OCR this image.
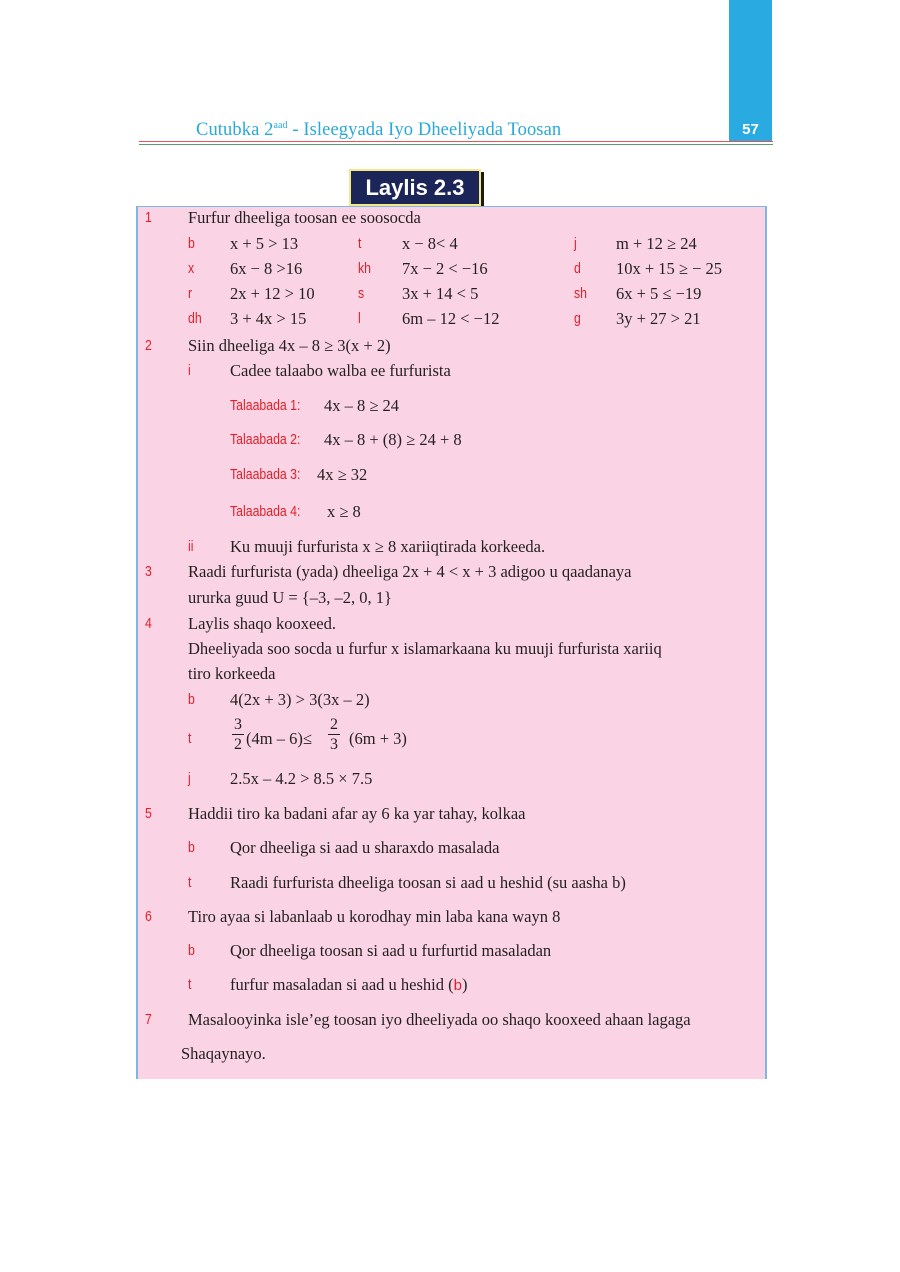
57
Cutubka $2^{aad}$ - Isleegyada Iyo Dheeliyada Toosan
Laylis 2.3
1 Furfur dheeliga toosan ee soosocda
b x + 5 > 13	t x − 8< 4	j m + 12 ≥ 24
x 6x − 8 >16	kh 7x − 2 < −16	d 10x + 15 ≥ − 25
r 2x + 12 > 10	s 3x + 14 < 5	sh 6x + 5 ≤ −19
dh 3 + 4x > 15	l	6m – 12 < −12	g 3y + 27 > 21
2 Siin dheeliga 4x – 8 ≥ 3(x + 2)
i Cadee talaabo walba ee furfurista
Talaabada 1: 4x – 8 ≥ 24
Talaabada 2: 4x – 8 + (8) ≥ 24 + 8
Talaabada 3: 4x ≥ 32
Talaabada 4: x ≥ 8
ii Ku muuji furfurista x ≥ 8 xariiqtirada korkeeda.
3 Raadi furfurista (yada) dheeliga 2x + 4 < x + 3 adigoo u qaadanaya
ururka guud U = {–3, –2, 0, 1}
4 Laylis shaqo kooxeed.
Dheeliyada soo socda u furfur x islamarkaana ku muuji furfurista xariiq
tiro korkeeda
b 4(2x + 3) > 3(3x – 2)
t
3
2 (4m – 6)≤
2
3 (6m + 3)
j 2.5x – 4.2 > 8.5 × 7.5
5 Haddii tiro ka badani afar ay 6 ka yar tahay, kolkaa
b Qor dheeliga si aad u sharaxdo masalada
t Raadi furfurista dheeliga toosan si aad u heshid (su aasha b)
6 Tiro ayaa si labanlaab u korodhay min laba kana wayn 8
b Qor dheeliga toosan si aad u furfurtid masaladan
t furfur masaladan si aad u heshid (b)
7 Masalooyinka isle’eg toosan iyo dheeliyada oo shaqo kooxeed ahaan lagaga
Shaqaynayo.
